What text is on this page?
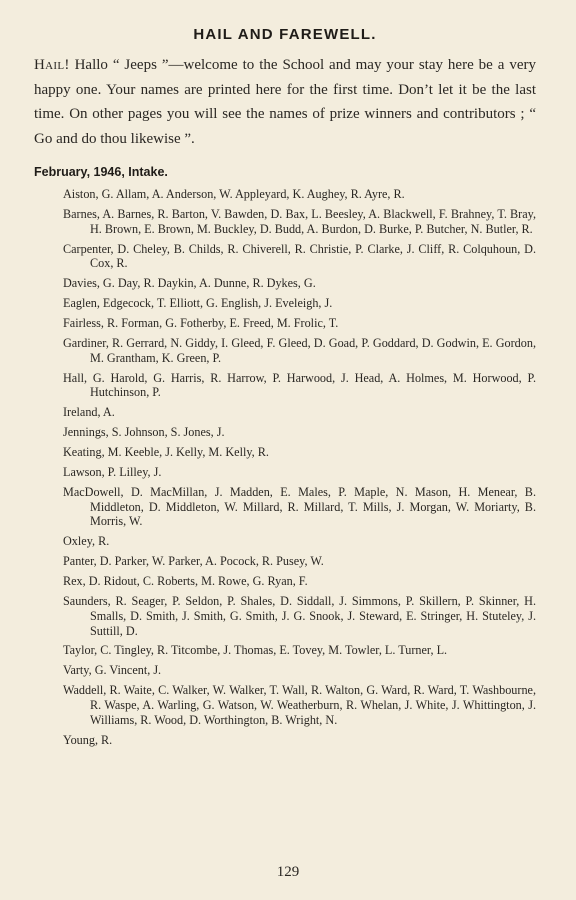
HAIL AND FAREWELL.

Hail! Hallo “ Jeeps ”—welcome to the School and may your stay here be a very happy one. Your names are printed here for the first time. Don’t let it be the last time. On other pages you will see the names of prize winners and contributors ; “ Go and do thou likewise ”.

February, 1946, Intake.
Aiston, G. Allam, A. Anderson, W. Appleyard, K. Aughey, R. Ayre, R.
Barnes, A. Barnes, R. Barton, V. Bawden, D. Bax, L. Beesley, A. Blackwell, F. Brahney, T. Bray, H. Brown, E. Brown, M. Buckley, D. Budd, A. Burdon, D. Burke, P. Butcher, N. Butler, R.
Carpenter, D. Cheley, B. Childs, R. Chiverell, R. Christie, P. Clarke, J. Cliff, R. Colquhoun, D. Cox, R.
Davies, G. Day, R. Daykin, A. Dunne, R. Dykes, G.
Eaglen, Edgecock, T. Elliott, G. English, J. Eveleigh, J.
Fairless, R. Forman, G. Fotherby, E. Freed, M. Frolic, T.
Gardiner, R. Gerrard, N. Giddy, I. Gleed, F. Gleed, D. Goad, P. Goddard, D. Godwin, E. Gordon, M. Grantham, K. Green, P.
Hall, G. Harold, G. Harris, R. Harrow, P. Harwood, J. Head, A. Holmes, M. Horwood, P. Hutchinson, P.
Ireland, A.
Jennings, S. Johnson, S. Jones, J.
Keating, M. Keeble, J. Kelly, M. Kelly, R.
Lawson, P. Lilley, J.
MacDowell, D. MacMillan, J. Madden, E. Males, P. Maple, N. Mason, H. Menear, B. Middleton, D. Middleton, W. Millard, R. Millard, T. Mills, J. Morgan, W. Moriarty, B. Morris, W.
Oxley, R.
Panter, D. Parker, W. Parker, A. Pocock, R. Pusey, W.
Rex, D. Ridout, C. Roberts, M. Rowe, G. Ryan, F.
Saunders, R. Seager, P. Seldon, P. Shales, D. Siddall, J. Simmons, P. Skillern, P. Skinner, H. Smalls, D. Smith, J. Smith, G. Smith, J. G. Snook, J. Steward, E. Stringer, H. Stuteley, J. Suttill, D.
Taylor, C. Tingley, R. Titcombe, J. Thomas, E. Tovey, M. Towler, L. Turner, L.
Varty, G. Vincent, J.
Waddell, R. Waite, C. Walker, W. Walker, T. Wall, R. Walton, G. Ward, R. Ward, T. Washbourne, R. Waspe, A. Warling, G. Watson, W. Weatherburn, R. Whelan, J. White, J. Whittington, J. Williams, R. Wood, D. Worthington, B. Wright, N.
Young, R.
129
